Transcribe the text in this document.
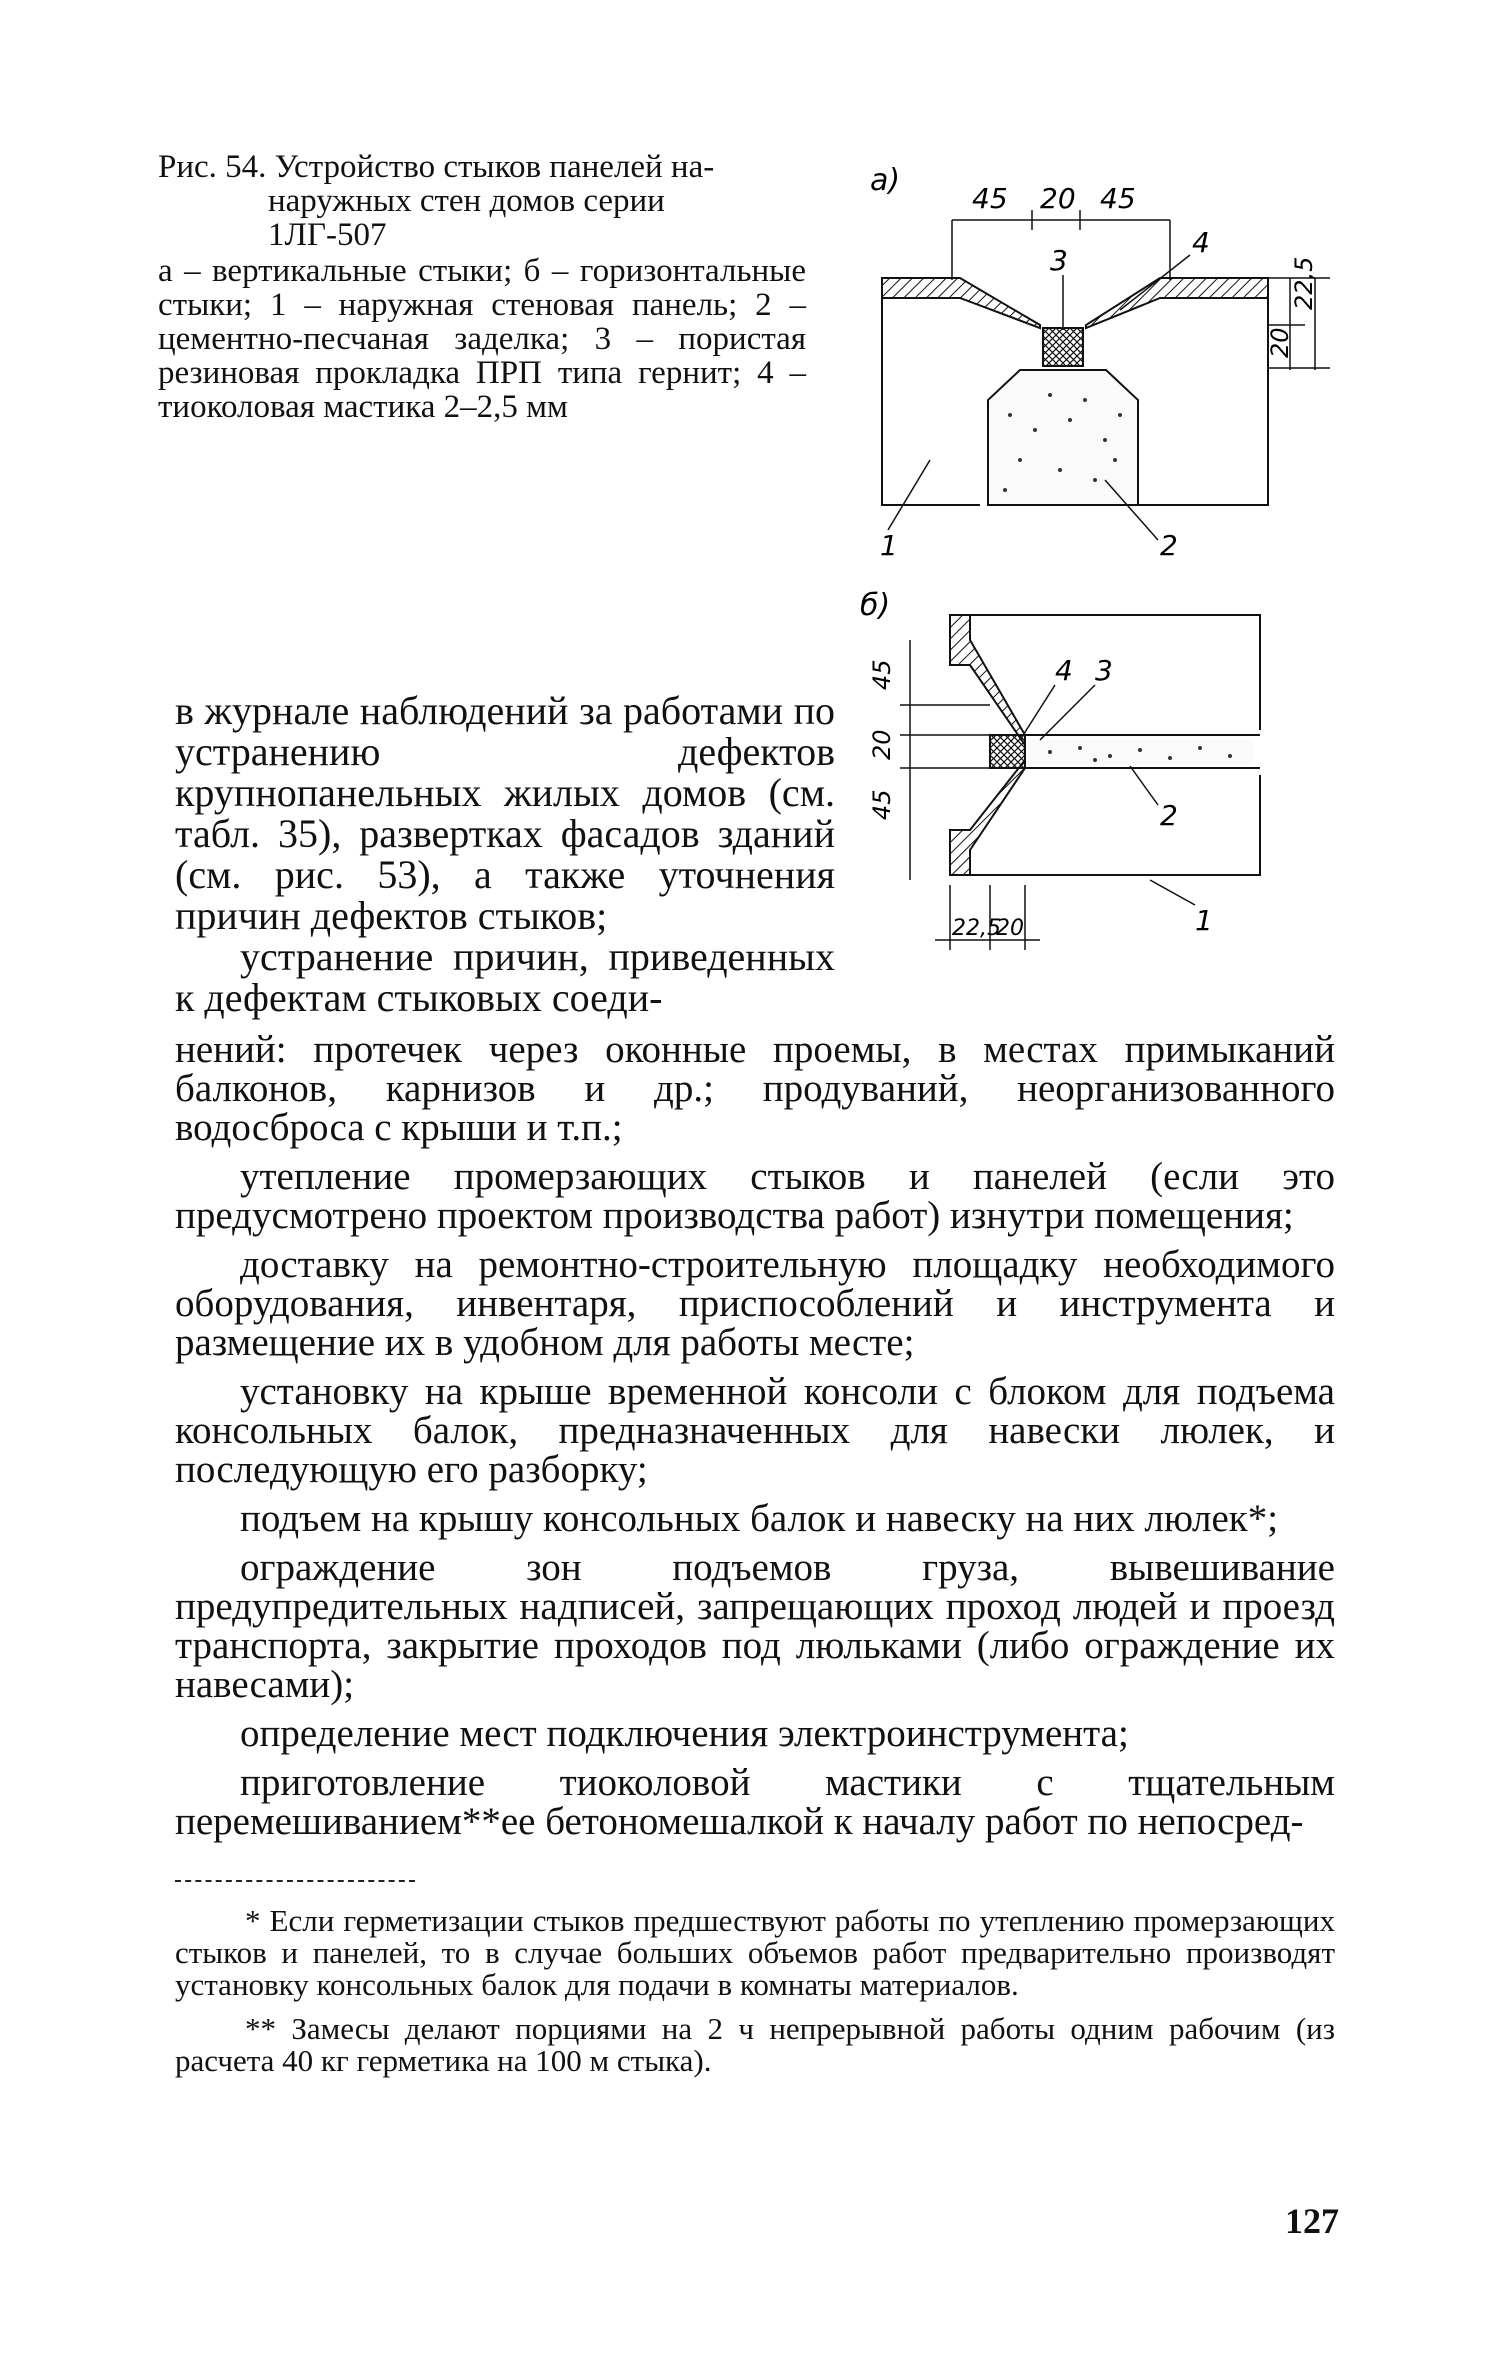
Рис. 54. Устройство стыков панелей на-
наружных стен домов серии
1ЛГ-507

а – вертикальные стыки; б – горизонтальные стыки; 1 – наружная стеновая панель; 2 – цементно-песчаная заделка; 3 – пористая резиновая прокладка ПРП типа гернит; 4 – тиоколовая мастика 2–2,5 мм

а)
45 20 45
22,5
20
3
4
1	2
б)
45
20
45
22,5
20
4 3
2
1

в журнале наблюдений за работами по устранению дефектов крупнопанельных жилых домов (см. табл. 35), развертках фасадов зданий (см. рис. 53), а также уточнения причин дефектов стыков;

устранение причин, приведенных к дефектам стыковых соеди-

нений: протечек через оконные проемы, в местах примыканий балконов, карнизов и др.; продуваний, неорганизованного водосброса с крыши и т.п.;

утепление промерзающих стыков и панелей (если это предусмотрено проектом производства работ) изнутри помещения;

доставку на ремонтно-строительную площадку необходимого оборудования, инвентаря, приспособлений и инструмента и размещение их в удобном для работы месте;

установку на крыше временной консоли с блоком для подъема консольных балок, предназначенных для навески люлек, и последующую его разборку;

подъем на крышу консольных балок и навеску на них люлек*;

ограждение зон подъемов груза, вывешивание предупредительных надписей, запрещающих проход людей и проезд транспорта, закрытие проходов под люльками (либо ограждение их навесами);

определение мест подключения электроинструмента;

приготовление тиоколовой мастики с тщательным перемешиванием**ее бетономешалкой к началу работ по непосред-

* Если герметизации стыков предшествуют работы по утеплению промерзающих стыков и панелей, то в случае больших объемов работ предварительно производят установку консольных балок для подачи в комнаты материалов.

** Замесы делают порциями на 2 ч непрерывной работы одним рабочим (из расчета 40 кг герметика на 100 м стыка).

127
